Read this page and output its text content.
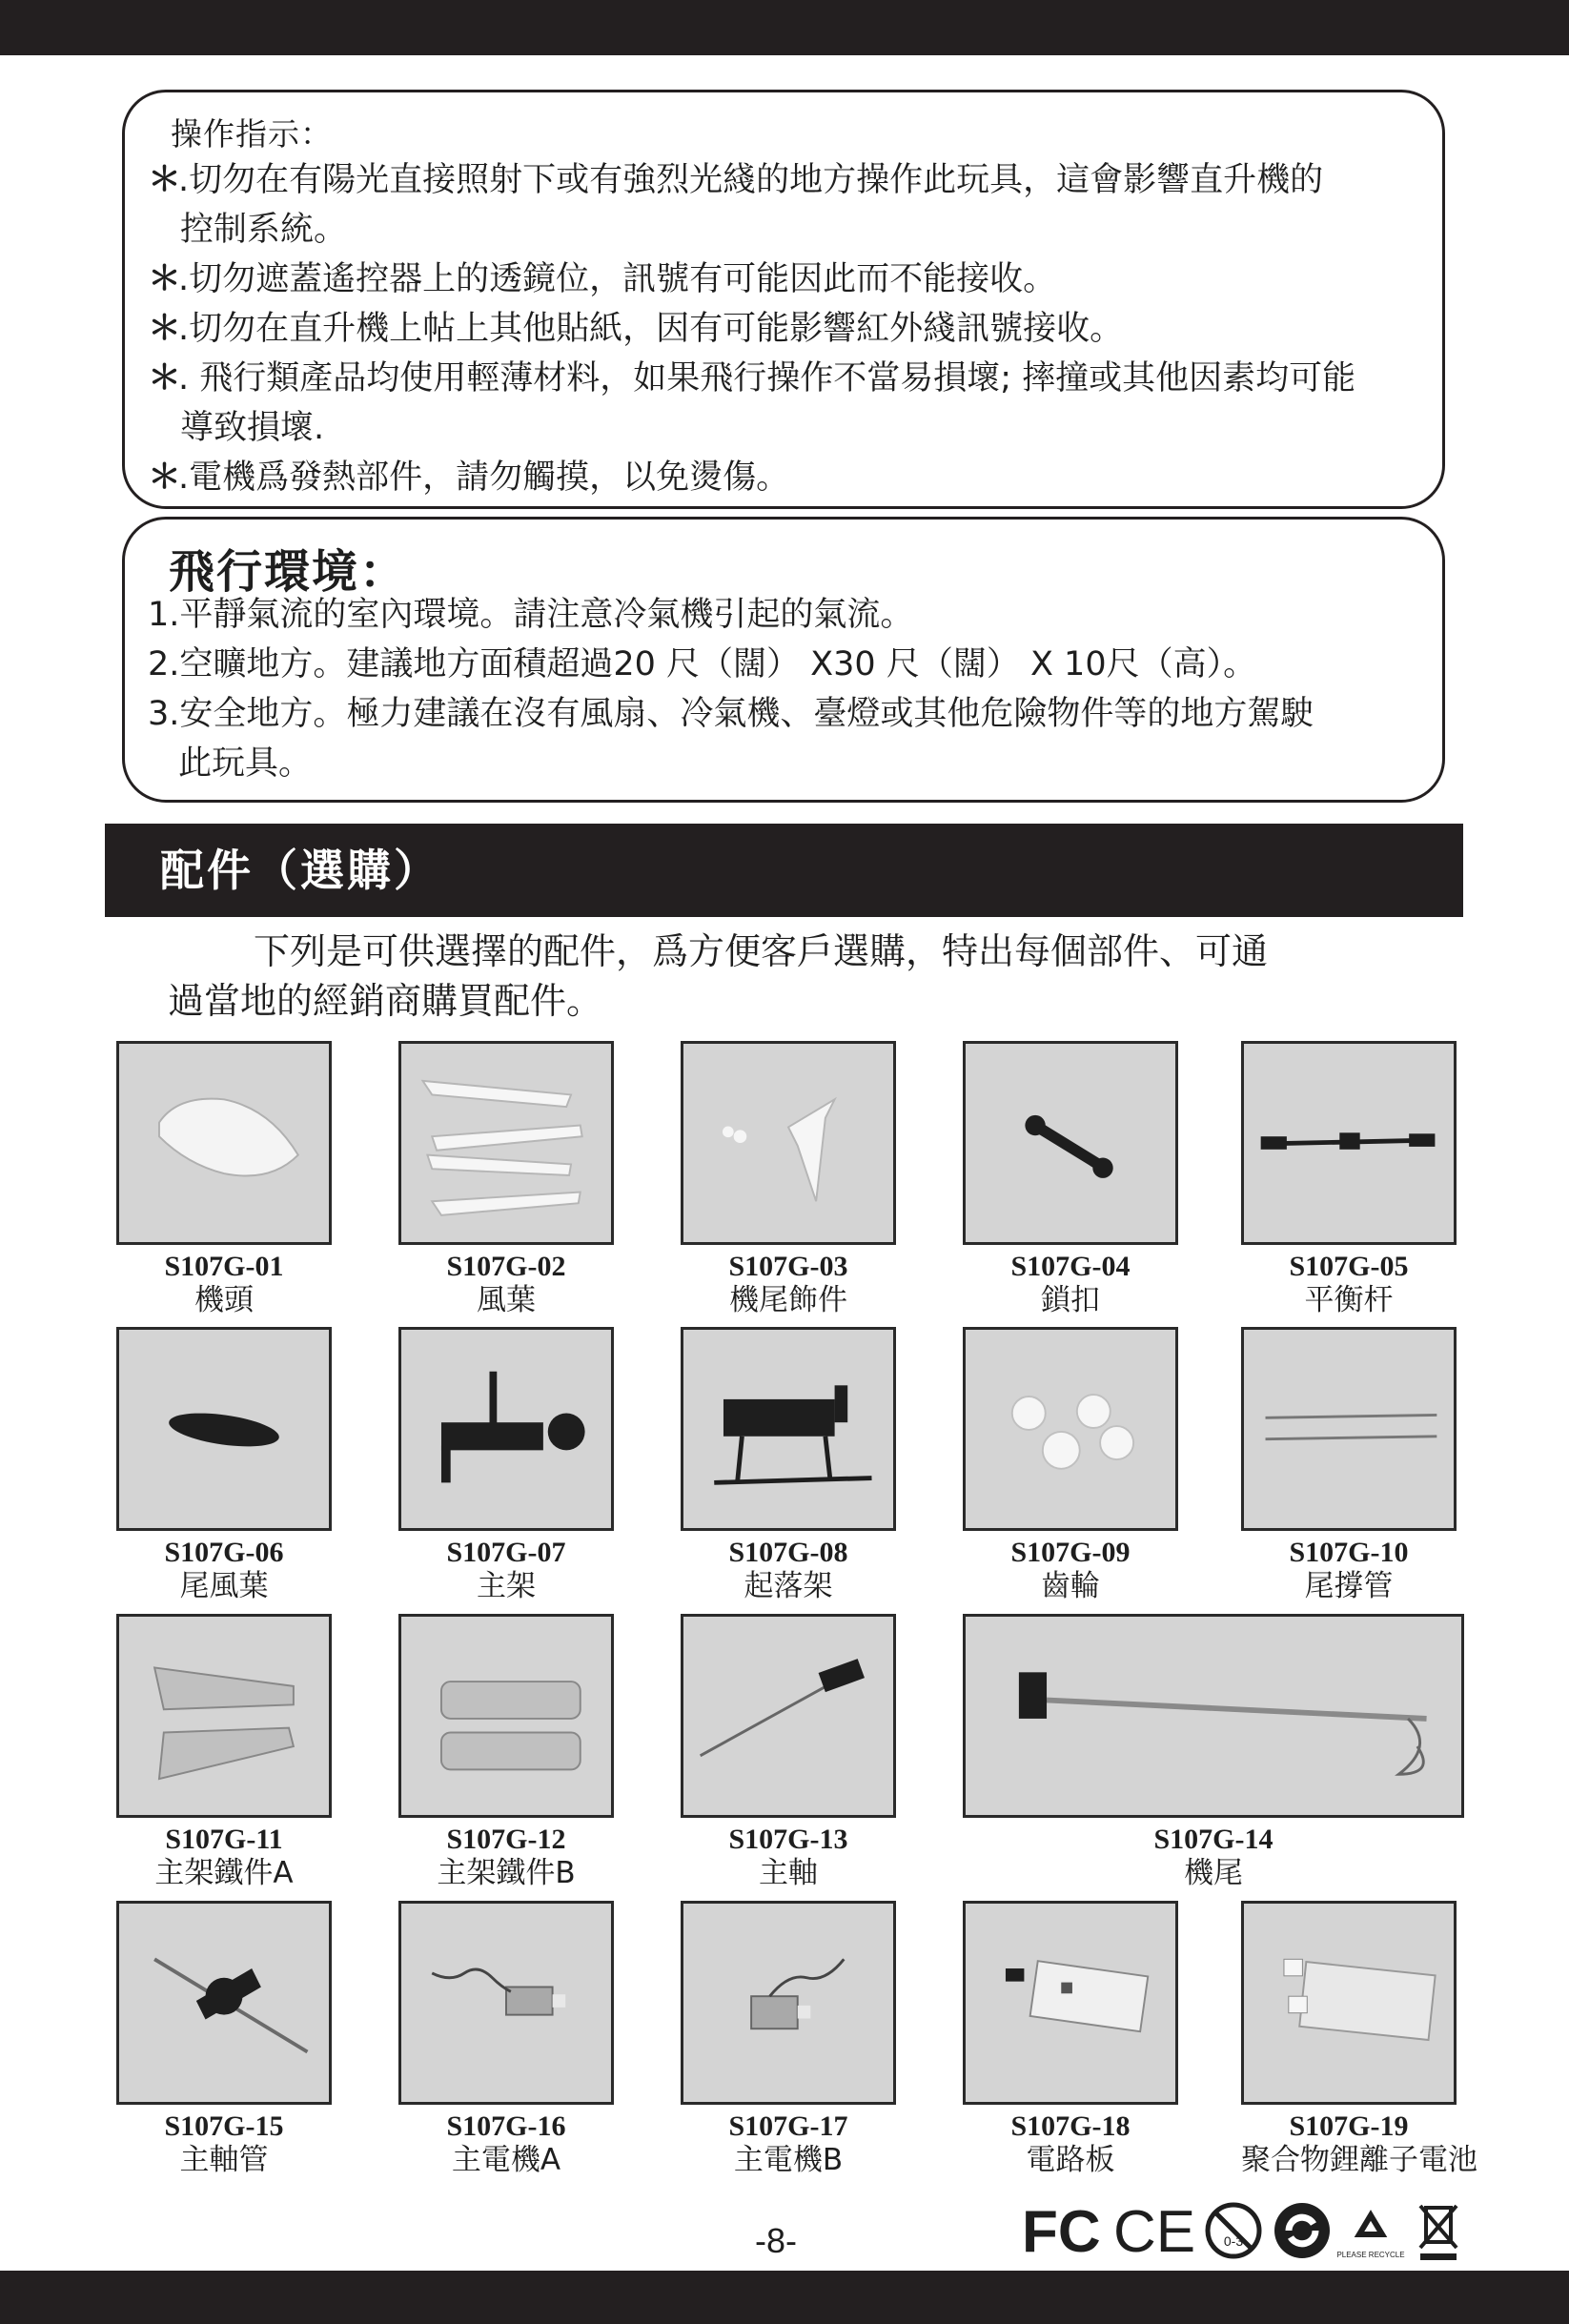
操作指示：
＊.切勿在有陽光直接照射下或有強烈光綫的地方操作此玩具，這會影響直升機的
控制系統。
＊.切勿遮蓋遙控器上的透鏡位，訊號有可能因此而不能接收。
＊.切勿在直升機上帖上其他貼紙，因有可能影響紅外綫訊號接收。
＊. 飛行類產品均使用輕薄材料，如果飛行操作不當易損壞; 摔撞或其他因素均可能
導致損壞.
＊.電機爲發熱部件，請勿觸摸，以免燙傷。
飛行環境：
1.平靜氣流的室內環境。請注意冷氣機引起的氣流。
2.空曠地方。建議地方面積超過20 尺（闊） X30 尺（闊） X 10尺（高）。
3.安全地方。極力建議在沒有風扇、冷氣機、臺燈或其他危險物件等的地方駕駛
此玩具。
配件（選購）
下列是可供選擇的配件，爲方便客戶選購，特出每個部件、可通
過當地的經銷商購買配件。
S107G-01
機頭
S107G-02
風葉
S107G-03
機尾飾件
S107G-04
鎖扣
S107G-05
平衡杆
S107G-06
尾風葉
S107G-07
主架
S107G-08
起落架
S107G-09
齒輪
S107G-10
尾撐管
S107G-11
主架鐵件A
S107G-12
主架鐵件B
S107G-13
主軸
S107G-14
機尾
S107G-15
主軸管
S107G-16
主電機A
S107G-17
主電機B
S107G-18
電路板
S107G-19
聚合物鋰離子電池
-8-	FC CE 0-3
PLEASE RECYCLE
